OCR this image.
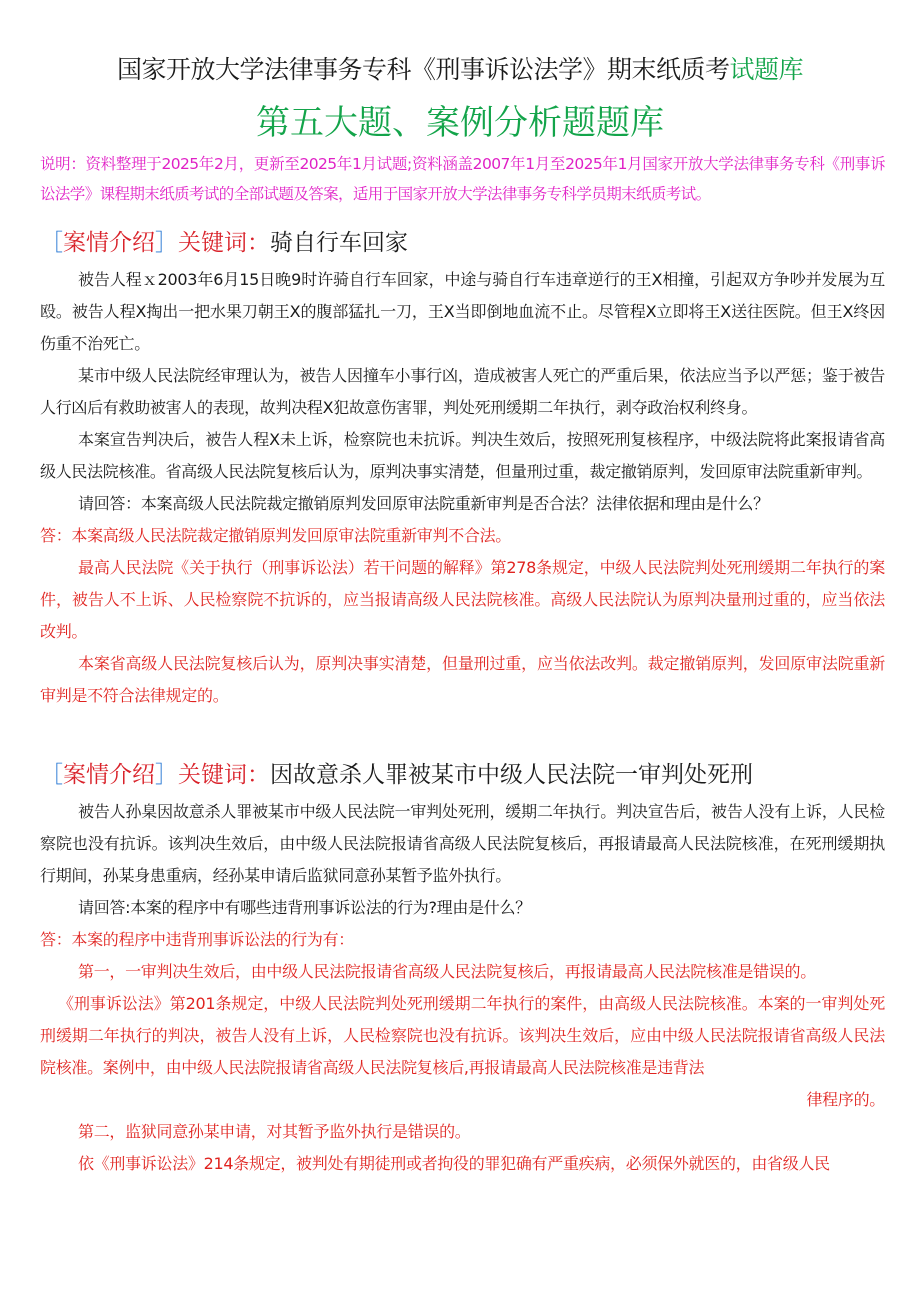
国家开放大学法律事务专科《刑事诉讼法学》期末纸质考试题库
第五大题、案例分析题题库
说明：资料整理于2025年2月，更新至2025年1月试题;资料涵盖2007年1月至2025年1月国家开放大学法律事务专科《刑事诉讼法学》课程期末纸质考试的全部试题及答案，适用于国家开放大学法律事务专科学员期末纸质考试。
［案情介绍］关键词：骑自行车回家

被告人程ｘ2003年6月15日晚9时许骑自行车回家，中途与骑自行车违章逆行的王X相撞，引起双方争吵并发展为互殴。被告人程X掏出一把水果刀朝王X的腹部猛扎一刀，王X当即倒地血流不止。尽管程X立即将王X送往医院。但王X终因伤重不治死亡。

某市中级人民法院经审理认为，被告人因撞车小事行凶，造成被害人死亡的严重后果，依法应当予以严惩；鉴于被告人行凶后有救助被害人的表现，故判决程X犯故意伤害罪，判处死刑缓期二年执行，剥夺政治权利终身。

本案宣告判决后，被告人程X未上诉，检察院也未抗诉。判决生效后，按照死刑复核程序，中级法院将此案报请省高级人民法院核准。省高级人民法院复核后认为，原判决事实清楚，但量刑过重，裁定撤销原判，发回原审法院重新审判。

请回答：本案高级人民法院裁定撤销原判发回原审法院重新审判是否合法？法律依据和理由是什么？

答：本案高级人民法院裁定撤销原判发回原审法院重新审判不合法。

最高人民法院《关于执行（刑事诉讼法）若干问题的解释》第278条规定，中级人民法院判处死刑缓期二年执行的案件，被告人不上诉、人民检察院不抗诉的，应当报请高级人民法院核准。高级人民法院认为原判决量刑过重的，应当依法改判。

本案省高级人民法院复核后认为，原判决事实清楚，但量刑过重，应当依法改判。裁定撤销原判，发回原审法院重新审判是不符合法律规定的。

［案情介绍］关键词：因故意杀人罪被某市中级人民法院一审判处死刑

被告人孙臬因故意杀人罪被某市中级人民法院一审判处死刑，缓期二年执行。判决宣告后，被告人没有上诉，人民检察院也没有抗诉。该判决生效后，由中级人民法院报请省高级人民法院复核后，再报请最高人民法院核准，在死刑缓期执行期间，孙某身患重病，经孙某申请后监狱同意孙某暂予监外执行。

请回答:本案的程序中有哪些违背刑事诉讼法的行为?理由是什么？

答：本案的程序中违背刑事诉讼法的行为有：

第一，一审判决生效后，由中级人民法院报请省高级人民法院复核后，再报请最高人民法院核准是错误的。

《刑事诉讼法》第201条规定，中级人民法院判处死刑缓期二年执行的案件，由高级人民法院核准。本案的一审判处死刑缓期二年执行的判决，被告人没有上诉，人民检察院也没有抗诉。该判决生效后，应由中级人民法院报请省高级人民法院核准。案例中，由中级人民法院报请省高级人民法院复核后,再报请最高人民法院核准是违背法

律程序的。

第二，监狱同意孙某申请，对其暂予监外执行是错误的。

依《刑事诉讼法》214条规定，被判处有期徒刑或者拘役的罪犯确有严重疾病，必须保外就医的，由省级人民
